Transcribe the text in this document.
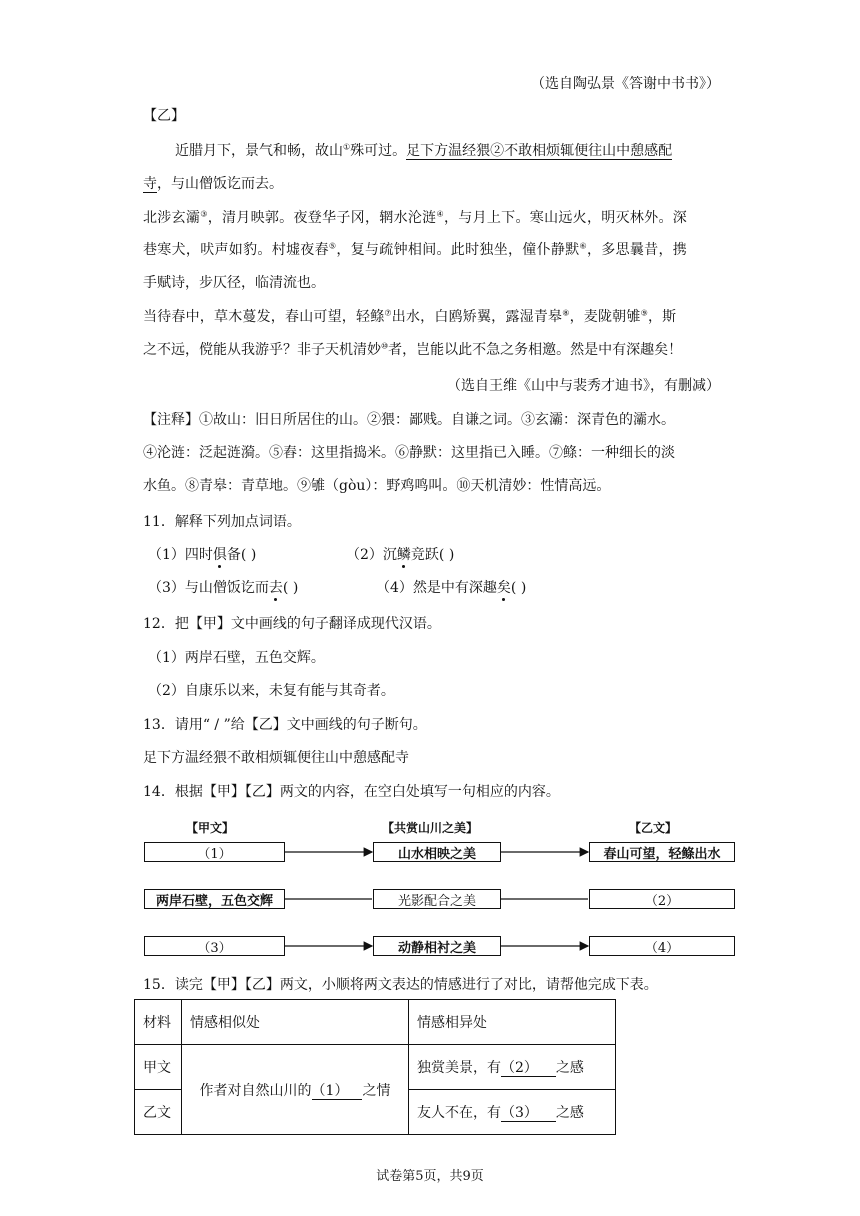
（选自陶弘景《答谢中书书》）
【乙】
近腊月下，景气和畅，故山①殊可过。足下方温经猥②不敢相烦辄便往山中憩感配
寺，与山僧饭讫而去。
北涉玄灞③，清月映郭。夜登华子冈，辋水沦涟④，与月上下。寒山远火，明灭林外。深
巷寒犬，吠声如豹。村墟夜舂⑤，复与疏钟相间。此时独坐，僮仆静默⑥，多思曩昔，携
手赋诗，步仄径，临清流也。
当待春中，草木蔓发，春山可望，轻鲦⑦出水，白鸥矫翼，露湿青皋⑧，麦陇朝雊⑨，斯
之不远，傥能从我游乎？非子天机清妙⑩者，岂能以此不急之务相邀。然是中有深趣矣！
（选自王维《山中与裴秀才迪书》，有删减）
【注释】①故山：旧日所居住的山。②猥：鄙贱。自谦之词。③玄灞：深青色的灞水。
④沦涟：泛起涟漪。⑤舂：这里指捣米。⑥静默：这里指已入睡。⑦鲦：一种细长的淡
水鱼。⑧青皋：青草地。⑨雊（gòu）：野鸡鸣叫。⑩天机清妙：性情高远。
11．解释下列加点词语。
（1）四时俱备( )	（2）沉鳞竞跃( )
（3）与山僧饭讫而去( )	（4）然是中有深趣矣( )
12．把【甲】文中画线的句子翻译成现代汉语。
（1）两岸石壁，五色交辉。
（2）自康乐以来，未复有能与其奇者。
13．请用“ / ”给【乙】文中画线的句子断句。
足下方温经猥不敢相烦辄便往山中憩感配寺
14．根据【甲】【乙】两文的内容，在空白处填写一句相应的内容。
【甲文】	【共赏山川之美】	【乙文】
（1）	山水相映之美	春山可望，轻鲦出水
两岸石壁，五色交辉	光影配合之美	（2）
（3）	动静相衬之美	（4）
15．读完【甲】【乙】两文，小顺将两文表达的情感进行了对比，请帮他完成下表。
材料	情感相似处	情感相异处
甲文	作者对自然山川的（1） 之情	独赏美景，有（2） 之感
乙文		友人不在，有（3） 之感
试卷第5页，共9页
